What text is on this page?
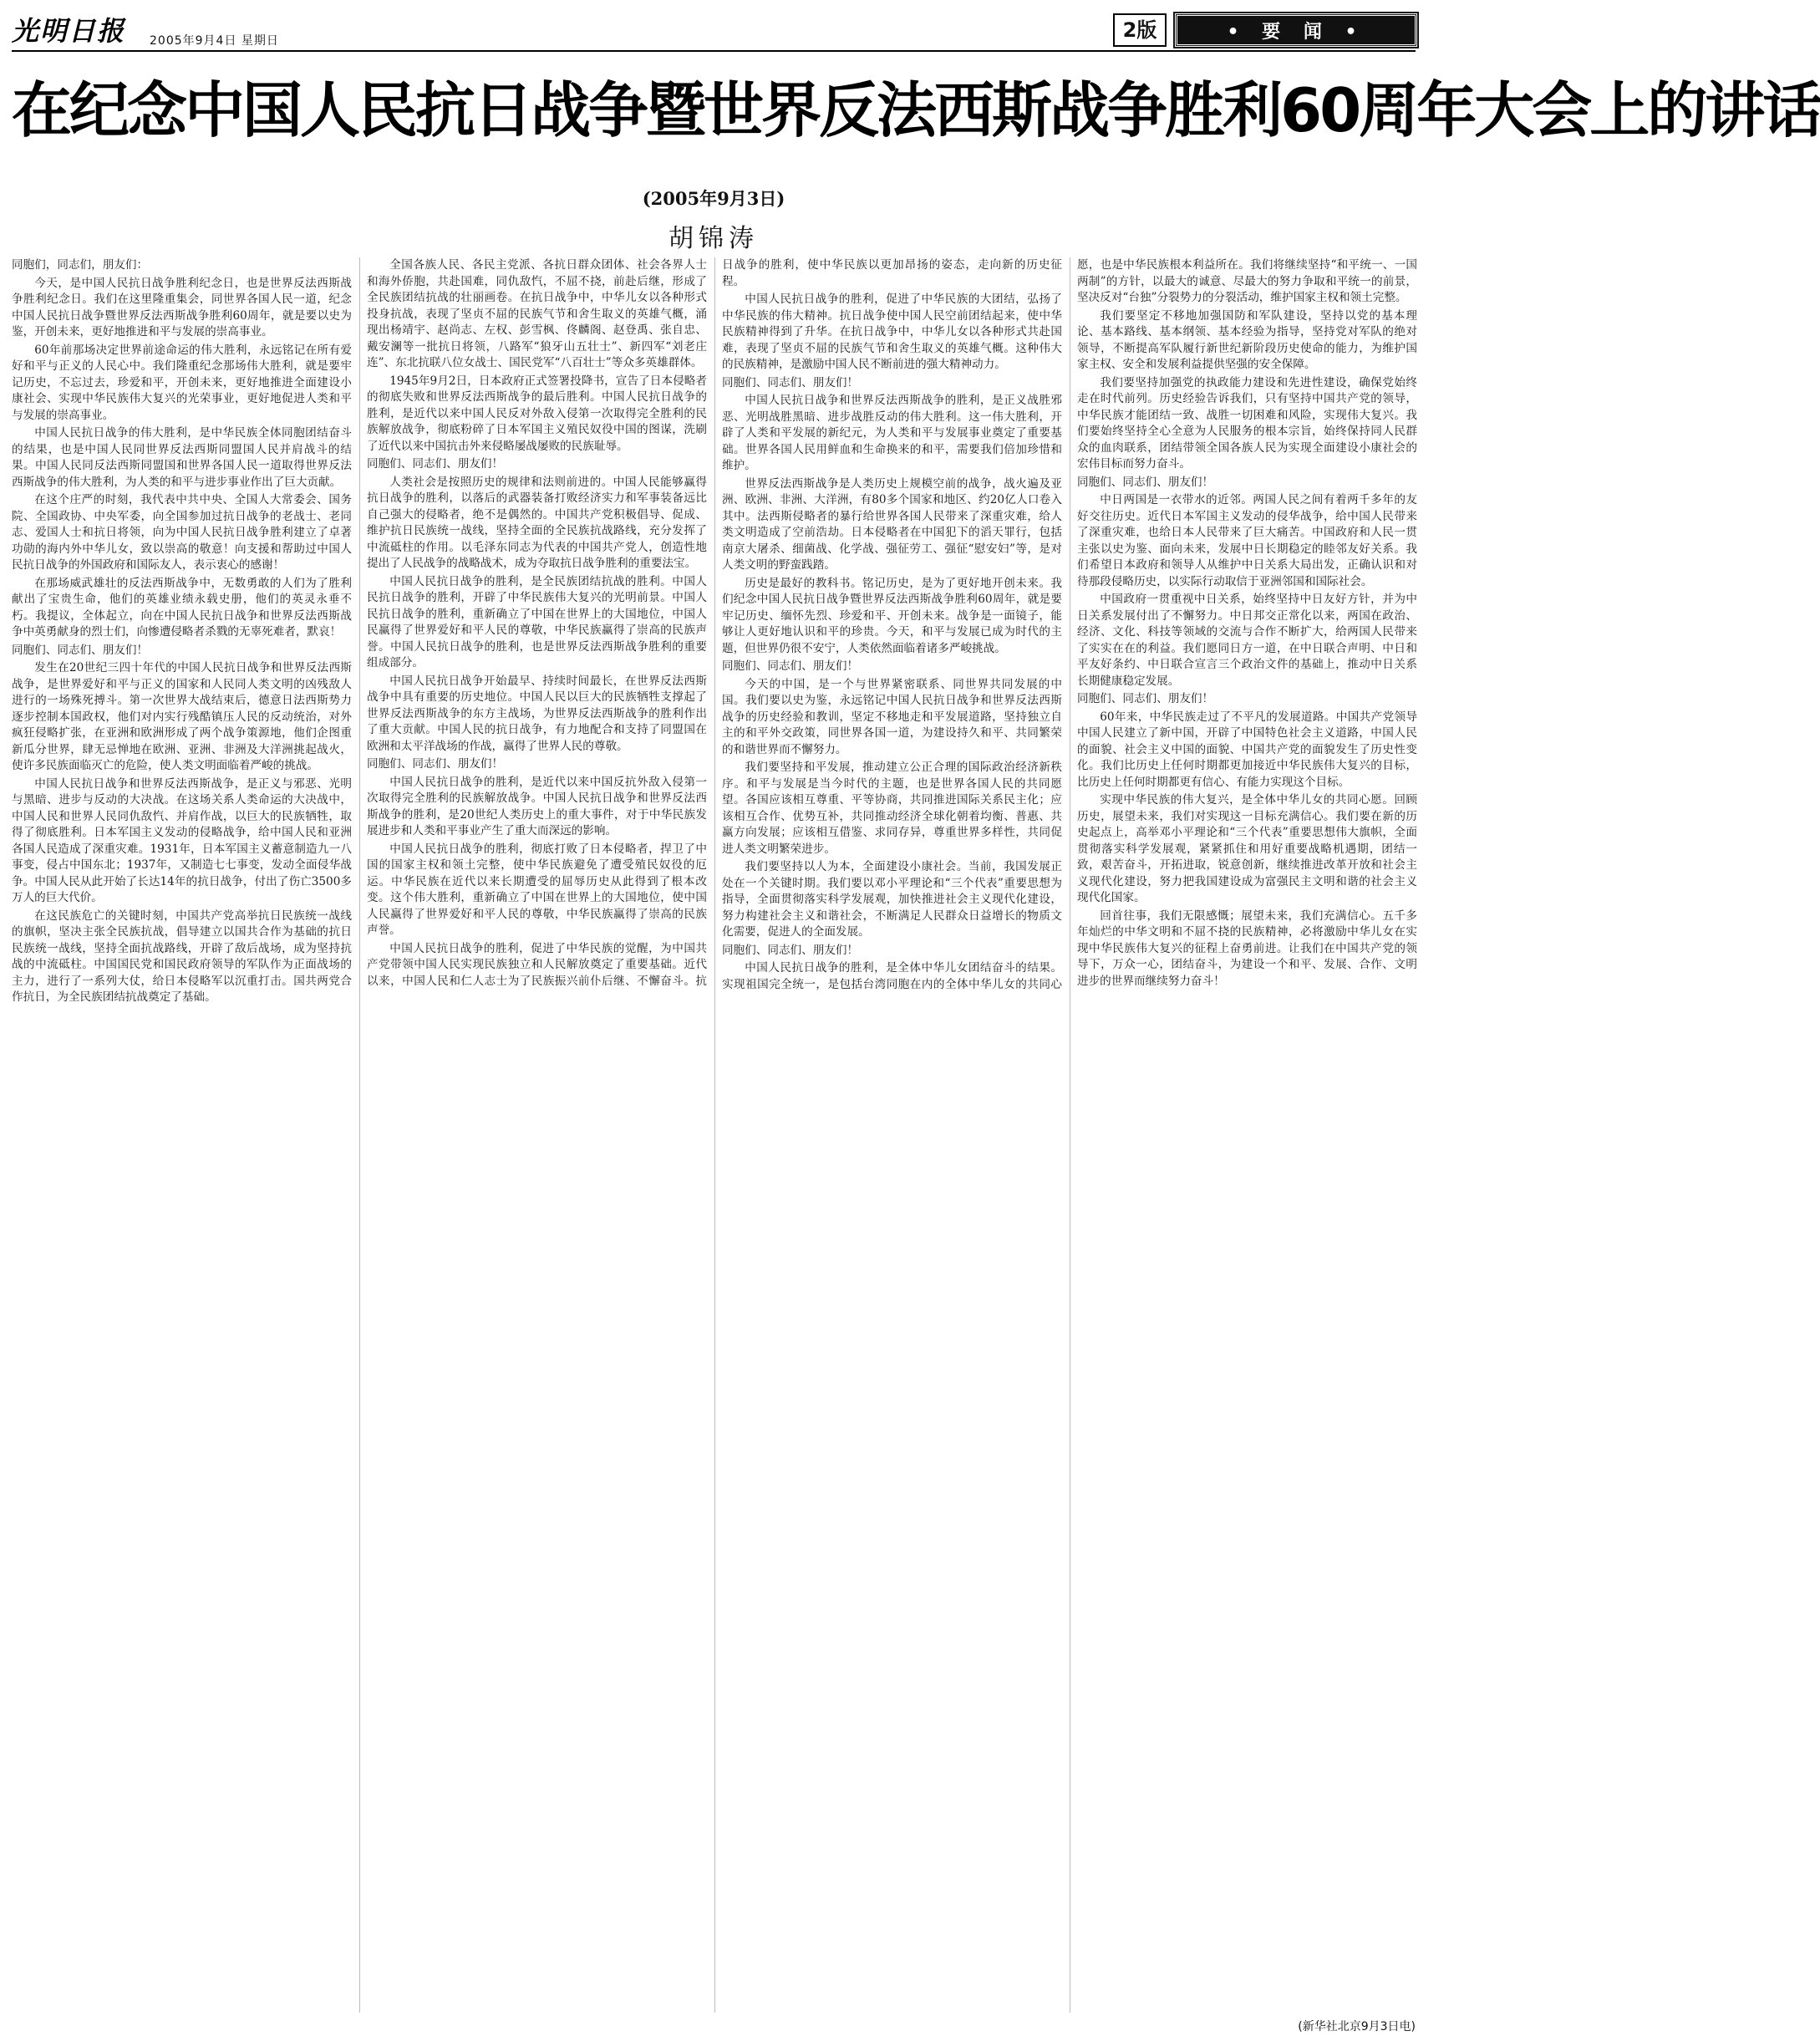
光明日报 2005年9月4日 星期日	2版	• 要 闻 •
在纪念中国人民抗日战争暨世界反法西斯战争胜利60周年大会上的讲话
(2005年9月3日)
胡锦涛

同胞们，同志们，朋友们：

今天，是中国人民抗日战争胜利纪念日，也是世界反法西斯战争胜利纪念日。我们在这里隆重集会，同世界各国人民一道，纪念中国人民抗日战争暨世界反法西斯战争胜利60周年，就是要以史为鉴，开创未来，更好地推进和平与发展的崇高事业。

60年前那场决定世界前途命运的伟大胜利，永远铭记在所有爱好和平与正义的人民心中。我们隆重纪念那场伟大胜利，就是要牢记历史，不忘过去，珍爱和平，开创未来，更好地推进全面建设小康社会、实现中华民族伟大复兴的光荣事业，更好地促进人类和平与发展的崇高事业。

中国人民抗日战争的伟大胜利，是中华民族全体同胞团结奋斗的结果，也是中国人民同世界反法西斯同盟国人民并肩战斗的结果。中国人民同反法西斯同盟国和世界各国人民一道取得世界反法西斯战争的伟大胜利，为人类的和平与进步事业作出了巨大贡献。

在这个庄严的时刻，我代表中共中央、全国人大常委会、国务院、全国政协、中央军委，向全国参加过抗日战争的老战士、老同志、爱国人士和抗日将领，向为中国人民抗日战争胜利建立了卓著功勋的海内外中华儿女，致以崇高的敬意！向支援和帮助过中国人民抗日战争的外国政府和国际友人，表示衷心的感谢！

在那场威武雄壮的反法西斯战争中，无数勇敢的人们为了胜利献出了宝贵生命，他们的英雄业绩永载史册，他们的英灵永垂不朽。我提议，全体起立，向在中国人民抗日战争和世界反法西斯战争中英勇献身的烈士们，向惨遭侵略者杀戮的无辜死难者，默哀！

同胞们、同志们、朋友们！

发生在20世纪三四十年代的中国人民抗日战争和世界反法西斯战争，是世界爱好和平与正义的国家和人民同人类文明的凶残敌人进行的一场殊死搏斗。第一次世界大战结束后，德意日法西斯势力逐步控制本国政权，他们对内实行残酷镇压人民的反动统治，对外疯狂侵略扩张，在亚洲和欧洲形成了两个战争策源地，他们企图重新瓜分世界，肆无忌惮地在欧洲、亚洲、非洲及大洋洲挑起战火，使许多民族面临灭亡的危险，使人类文明面临着严峻的挑战。

中国人民抗日战争和世界反法西斯战争，是正义与邪恶、光明与黑暗、进步与反动的大决战。在这场关系人类命运的大决战中，中国人民和世界人民同仇敌忾、并肩作战，以巨大的民族牺牲，取得了彻底胜利。日本军国主义发动的侵略战争，给中国人民和亚洲各国人民造成了深重灾难。1931年，日本军国主义蓄意制造九一八事变，侵占中国东北；1937年，又制造七七事变，发动全面侵华战争。中国人民从此开始了长达14年的抗日战争，付出了伤亡3500多万人的巨大代价。

在这民族危亡的关键时刻，中国共产党高举抗日民族统一战线的旗帜，坚决主张全民族抗战，倡导建立以国共合作为基础的抗日民族统一战线，坚持全面抗战路线，开辟了敌后战场，成为坚持抗战的中流砥柱。中国国民党和国民政府领导的军队作为正面战场的主力，进行了一系列大仗，给日本侵略军以沉重打击。国共两党合作抗日，为全民族团结抗战奠定了基础。

全国各族人民、各民主党派、各抗日群众团体、社会各界人士和海外侨胞，共赴国难，同仇敌忾，不屈不挠，前赴后继，形成了全民族团结抗战的壮丽画卷。在抗日战争中，中华儿女以各种形式投身抗战，表现了坚贞不屈的民族气节和舍生取义的英雄气概，涌现出杨靖宇、赵尚志、左权、彭雪枫、佟麟阁、赵登禹、张自忠、戴安澜等一批抗日将领，八路军“狼牙山五壮士”、新四军“刘老庄连”、东北抗联八位女战士、国民党军“八百壮士”等众多英雄群体。

1945年9月2日，日本政府正式签署投降书，宣告了日本侵略者的彻底失败和世界反法西斯战争的最后胜利。中国人民抗日战争的胜利，是近代以来中国人民反对外敌入侵第一次取得完全胜利的民族解放战争，彻底粉碎了日本军国主义殖民奴役中国的图谋，洗刷了近代以来中国抗击外来侵略屡战屡败的民族耻辱。

同胞们、同志们、朋友们！

人类社会是按照历史的规律和法则前进的。中国人民能够赢得抗日战争的胜利，以落后的武器装备打败经济实力和军事装备远比自己强大的侵略者，绝不是偶然的。中国共产党积极倡导、促成、维护抗日民族统一战线，坚持全面的全民族抗战路线，充分发挥了中流砥柱的作用。以毛泽东同志为代表的中国共产党人，创造性地提出了人民战争的战略战术，成为夺取抗日战争胜利的重要法宝。

中国人民抗日战争的胜利，是全民族团结抗战的胜利。中国人民抗日战争的胜利，开辟了中华民族伟大复兴的光明前景。中国人民抗日战争的胜利，重新确立了中国在世界上的大国地位，中国人民赢得了世界爱好和平人民的尊敬，中华民族赢得了崇高的民族声誉。中国人民抗日战争的胜利，也是世界反法西斯战争胜利的重要组成部分。

中国人民抗日战争开始最早、持续时间最长，在世界反法西斯战争中具有重要的历史地位。中国人民以巨大的民族牺牲支撑起了世界反法西斯战争的东方主战场，为世界反法西斯战争的胜利作出了重大贡献。中国人民的抗日战争，有力地配合和支持了同盟国在欧洲和太平洋战场的作战，赢得了世界人民的尊敬。

同胞们、同志们、朋友们！

中国人民抗日战争的胜利，是近代以来中国反抗外敌入侵第一次取得完全胜利的民族解放战争。中国人民抗日战争和世界反法西斯战争的胜利，是20世纪人类历史上的重大事件，对于中华民族发展进步和人类和平事业产生了重大而深远的影响。

中国人民抗日战争的胜利，彻底打败了日本侵略者，捍卫了中国的国家主权和领土完整，使中华民族避免了遭受殖民奴役的厄运。中华民族在近代以来长期遭受的屈辱历史从此得到了根本改变。这个伟大胜利，重新确立了中国在世界上的大国地位，使中国人民赢得了世界爱好和平人民的尊敬，中华民族赢得了崇高的民族声誉。

中国人民抗日战争的胜利，促进了中华民族的觉醒，为中国共产党带领中国人民实现民族独立和人民解放奠定了重要基础。近代以来，中国人民和仁人志士为了民族振兴前仆后继、不懈奋斗。抗日战争的胜利，使中华民族以更加昂扬的姿态，走向新的历史征程。

中国人民抗日战争的胜利，促进了中华民族的大团结，弘扬了中华民族的伟大精神。抗日战争使中国人民空前团结起来，使中华民族精神得到了升华。在抗日战争中，中华儿女以各种形式共赴国难，表现了坚贞不屈的民族气节和舍生取义的英雄气概。这种伟大的民族精神，是激励中国人民不断前进的强大精神动力。

同胞们、同志们、朋友们！

中国人民抗日战争和世界反法西斯战争的胜利，是正义战胜邪恶、光明战胜黑暗、进步战胜反动的伟大胜利。这一伟大胜利，开辟了人类和平发展的新纪元，为人类和平与发展事业奠定了重要基础。世界各国人民用鲜血和生命换来的和平，需要我们倍加珍惜和维护。

世界反法西斯战争是人类历史上规模空前的战争，战火遍及亚洲、欧洲、非洲、大洋洲，有80多个国家和地区、约20亿人口卷入其中。法西斯侵略者的暴行给世界各国人民带来了深重灾难，给人类文明造成了空前浩劫。日本侵略者在中国犯下的滔天罪行，包括南京大屠杀、细菌战、化学战、强征劳工、强征“慰安妇”等，是对人类文明的野蛮践踏。

历史是最好的教科书。铭记历史，是为了更好地开创未来。我们纪念中国人民抗日战争暨世界反法西斯战争胜利60周年，就是要牢记历史、缅怀先烈、珍爱和平、开创未来。战争是一面镜子，能够让人更好地认识和平的珍贵。今天，和平与发展已成为时代的主题，但世界仍很不安宁，人类依然面临着诸多严峻挑战。

同胞们、同志们、朋友们！

今天的中国，是一个与世界紧密联系、同世界共同发展的中国。我们要以史为鉴，永远铭记中国人民抗日战争和世界反法西斯战争的历史经验和教训，坚定不移地走和平发展道路，坚持独立自主的和平外交政策，同世界各国一道，为建设持久和平、共同繁荣的和谐世界而不懈努力。

我们要坚持和平发展，推动建立公正合理的国际政治经济新秩序。和平与发展是当今时代的主题，也是世界各国人民的共同愿望。各国应该相互尊重、平等协商，共同推进国际关系民主化；应该相互合作、优势互补，共同推动经济全球化朝着均衡、普惠、共赢方向发展；应该相互借鉴、求同存异，尊重世界多样性，共同促进人类文明繁荣进步。

我们要坚持以人为本，全面建设小康社会。当前，我国发展正处在一个关键时期。我们要以邓小平理论和“三个代表”重要思想为指导，全面贯彻落实科学发展观，加快推进社会主义现代化建设，努力构建社会主义和谐社会，不断满足人民群众日益增长的物质文化需要，促进人的全面发展。

同胞们、同志们、朋友们！

中国人民抗日战争的胜利，是全体中华儿女团结奋斗的结果。实现祖国完全统一，是包括台湾同胞在内的全体中华儿女的共同心愿，也是中华民族根本利益所在。我们将继续坚持“和平统一、一国两制”的方针，以最大的诚意、尽最大的努力争取和平统一的前景，坚决反对“台独”分裂势力的分裂活动，维护国家主权和领土完整。

我们要坚定不移地加强国防和军队建设，坚持以党的基本理论、基本路线、基本纲领、基本经验为指导，坚持党对军队的绝对领导，不断提高军队履行新世纪新阶段历史使命的能力，为维护国家主权、安全和发展利益提供坚强的安全保障。

我们要坚持加强党的执政能力建设和先进性建设，确保党始终走在时代前列。历史经验告诉我们，只有坚持中国共产党的领导，中华民族才能团结一致、战胜一切困难和风险，实现伟大复兴。我们要始终坚持全心全意为人民服务的根本宗旨，始终保持同人民群众的血肉联系，团结带领全国各族人民为实现全面建设小康社会的宏伟目标而努力奋斗。

同胞们、同志们、朋友们！

中日两国是一衣带水的近邻。两国人民之间有着两千多年的友好交往历史。近代日本军国主义发动的侵华战争，给中国人民带来了深重灾难，也给日本人民带来了巨大痛苦。中国政府和人民一贯主张以史为鉴、面向未来，发展中日长期稳定的睦邻友好关系。我们希望日本政府和领导人从维护中日关系大局出发，正确认识和对待那段侵略历史，以实际行动取信于亚洲邻国和国际社会。

中国政府一贯重视中日关系，始终坚持中日友好方针，并为中日关系发展付出了不懈努力。中日邦交正常化以来，两国在政治、经济、文化、科技等领域的交流与合作不断扩大，给两国人民带来了实实在在的利益。我们愿同日方一道，在中日联合声明、中日和平友好条约、中日联合宣言三个政治文件的基础上，推动中日关系长期健康稳定发展。

同胞们、同志们、朋友们！

60年来，中华民族走过了不平凡的发展道路。中国共产党领导中国人民建立了新中国，开辟了中国特色社会主义道路，中国人民的面貌、社会主义中国的面貌、中国共产党的面貌发生了历史性变化。我们比历史上任何时期都更加接近中华民族伟大复兴的目标，比历史上任何时期都更有信心、有能力实现这个目标。

实现中华民族的伟大复兴，是全体中华儿女的共同心愿。回顾历史，展望未来，我们对实现这一目标充满信心。我们要在新的历史起点上，高举邓小平理论和“三个代表”重要思想伟大旗帜，全面贯彻落实科学发展观，紧紧抓住和用好重要战略机遇期，团结一致，艰苦奋斗，开拓进取，锐意创新，继续推进改革开放和社会主义现代化建设，努力把我国建设成为富强民主文明和谐的社会主义现代化国家。

回首往事，我们无限感慨；展望未来，我们充满信心。五千多年灿烂的中华文明和不屈不挠的民族精神，必将激励中华儿女在实现中华民族伟大复兴的征程上奋勇前进。让我们在中国共产党的领导下，万众一心，团结奋斗，为建设一个和平、发展、合作、文明进步的世界而继续努力奋斗！

(新华社北京9月3日电)
